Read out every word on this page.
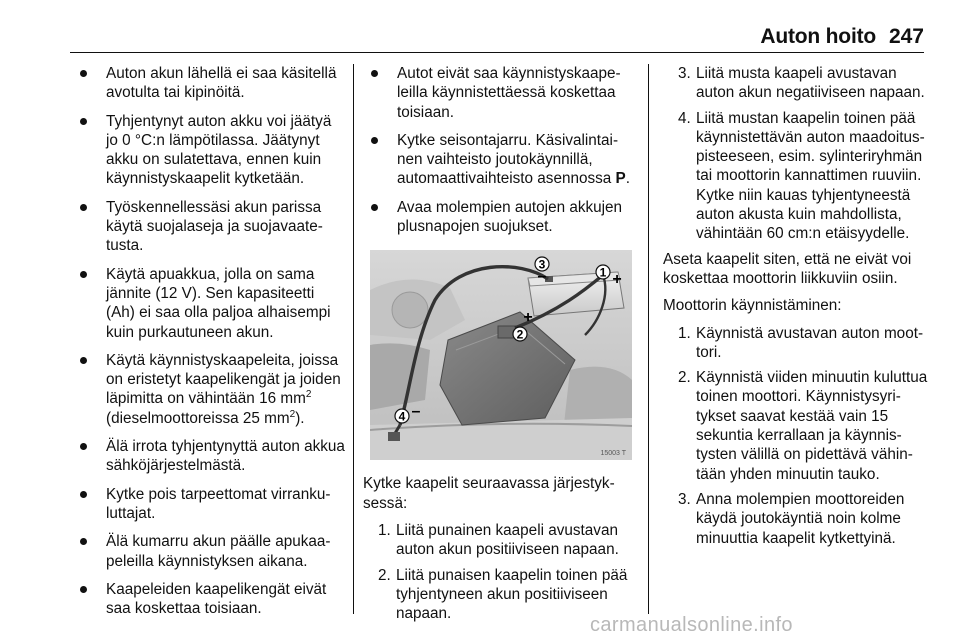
Auton hoito 247
Auton akun lähellä ei saa käsitellä avotulta tai kipinöitä.
Tyhjentynyt auton akku voi jäätyä jo 0 °C:n lämpötilassa. Jäätynyt akku on sulatettava, ennen kuin käynnistyskaapelit kytketään.
Työskennellessäsi akun parissa käytä suojalaseja ja suojavaatetusta.
Käytä apuakkua, jolla on sama jännite (12 V). Sen kapasiteetti (Ah) ei saa olla paljoa alhaisempi kuin purkautuneen akun.
Käytä käynnistyskaapeleita, joissa on eristetyt kaapelikengät ja joiden läpimitta on vähintään 16 $mm^2$ (dieselmoottoreissa 25 $mm^2$).
Älä irrota tyhjentynyttä auton akkua sähköjärjestelmästä.
Kytke pois tarpeettomat virrankuluttajat.
Älä kumarru akun päälle apukaapeleilla käynnistyksen aikana.
Kaapeleiden kaapelikengät eivät saa koskettaa toisiaan.
Autot eivät saa käynnistyskaapeleilla käynnistettäessä koskettaa toisiaan.
Kytke seisontajarru. Käsivalintainen vaihteisto joutokäynnillä, automaattivaihteisto asennossa P.
Avaa molempien autojen akkujen plusnapojen suojukset.
1 +
2
+
3
–
4 –
15003 T

Kytke kaapelit seuraavassa järjestyksessä:

1. Liitä punainen kaapeli avustavan auton akun positiiviseen napaan.
2. Liitä punaisen kaapelin toinen pää tyhjentyneen akun positiiviseen napaan.
3. Liitä musta kaapeli avustavan auton akun negatiiviseen napaan.
4. Liitä mustan kaapelin toinen pää käynnistettävän auton maadoituspisteeseen, esim. sylinteriryhmän tai moottorin kannattimen ruuviin. Kytke niin kauas tyhjentyneestä auton akusta kuin mahdollista, vähintään 60 cm:n etäisyydelle.

Aseta kaapelit siten, että ne eivät voi koskettaa moottorin liikkuviin osiin.

Moottorin käynnistäminen:

1. Käynnistä avustavan auton moottori.
2. Käynnistä viiden minuutin kuluttua toinen moottori. Käynnistysyritykset saavat kestää vain 15 sekuntia kerrallaan ja käynnistysten välillä on pidettävä vähintään yhden minuutin tauko.
3. Anna molempien moottoreiden käydä joutokäyntiä noin kolme minuuttia kaapelit kytkettyinä.
carmanualsonline.info
